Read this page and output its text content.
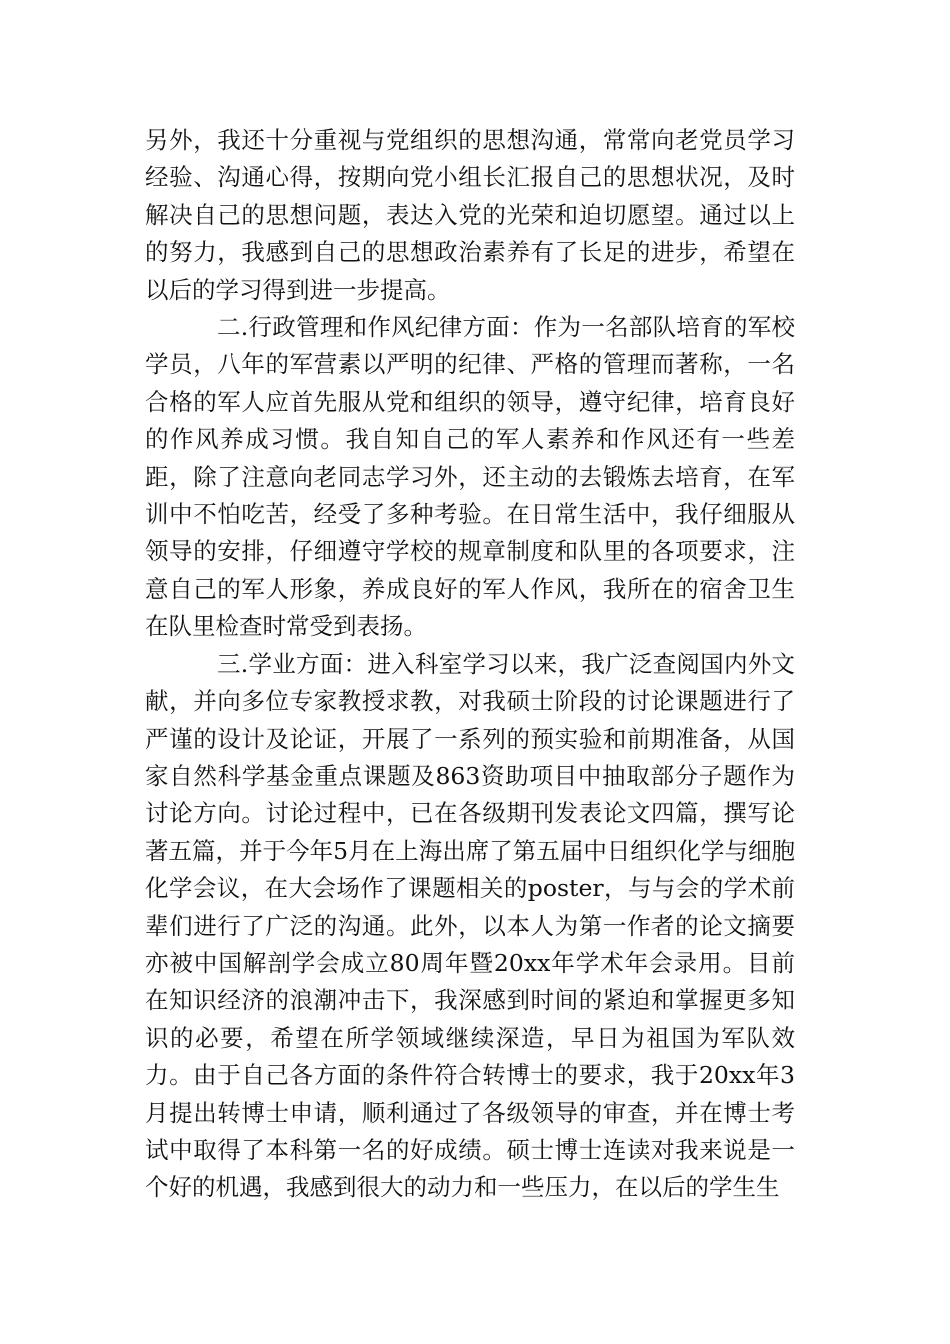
另外，我还十分重视与党组织的思想沟通，常常向老党员学习经验、沟通心得，按期向党小组长汇报自己的思想状况，及时解决自己的思想问题，表达入党的光荣和迫切愿望。通过以上的努力，我感到自己的思想政治素养有了长足的进步，希望在以后的学习得到进一步提高。

二.行政管理和作风纪律方面：作为一名部队培育的军校学员，八年的军营素以严明的纪律、严格的管理而著称，一名合格的军人应首先服从党和组织的领导，遵守纪律，培育良好的作风养成习惯。我自知自己的军人素养和作风还有一些差距，除了注意向老同志学习外，还主动的去锻炼去培育，在军训中不怕吃苦，经受了多种考验。在日常生活中，我仔细服从领导的安排，仔细遵守学校的规章制度和队里的各项要求，注意自己的军人形象，养成良好的军人作风，我所在的宿舍卫生在队里检查时常受到表扬。

三.学业方面：进入科室学习以来，我广泛查阅国内外文献，并向多位专家教授求教，对我硕士阶段的讨论课题进行了严谨的设计及论证，开展了一系列的预实验和前期准备，从国家自然科学基金重点课题及863资助项目中抽取部分子题作为讨论方向。讨论过程中，已在各级期刊发表论文四篇，撰写论著五篇，并于今年5月在上海出席了第五届中日组织化学与细胞化学会议，在大会场作了课题相关的poster，与与会的学术前辈们进行了广泛的沟通。此外，以本人为第一作者的论文摘要亦被中国解剖学会成立80周年暨20xx年学术年会录用。目前在知识经济的浪潮冲击下，我深感到时间的紧迫和掌握更多知识的必要，希望在所学领域继续深造，早日为祖国为军队效力。由于自己各方面的条件符合转博士的要求，我于20xx年3月提出转博士申请，顺利通过了各级领导的审查，并在博士考试中取得了本科第一名的好成绩。硕士博士连读对我来说是一个好的机遇，我感到很大的动力和一些压力，在以后的学生生
